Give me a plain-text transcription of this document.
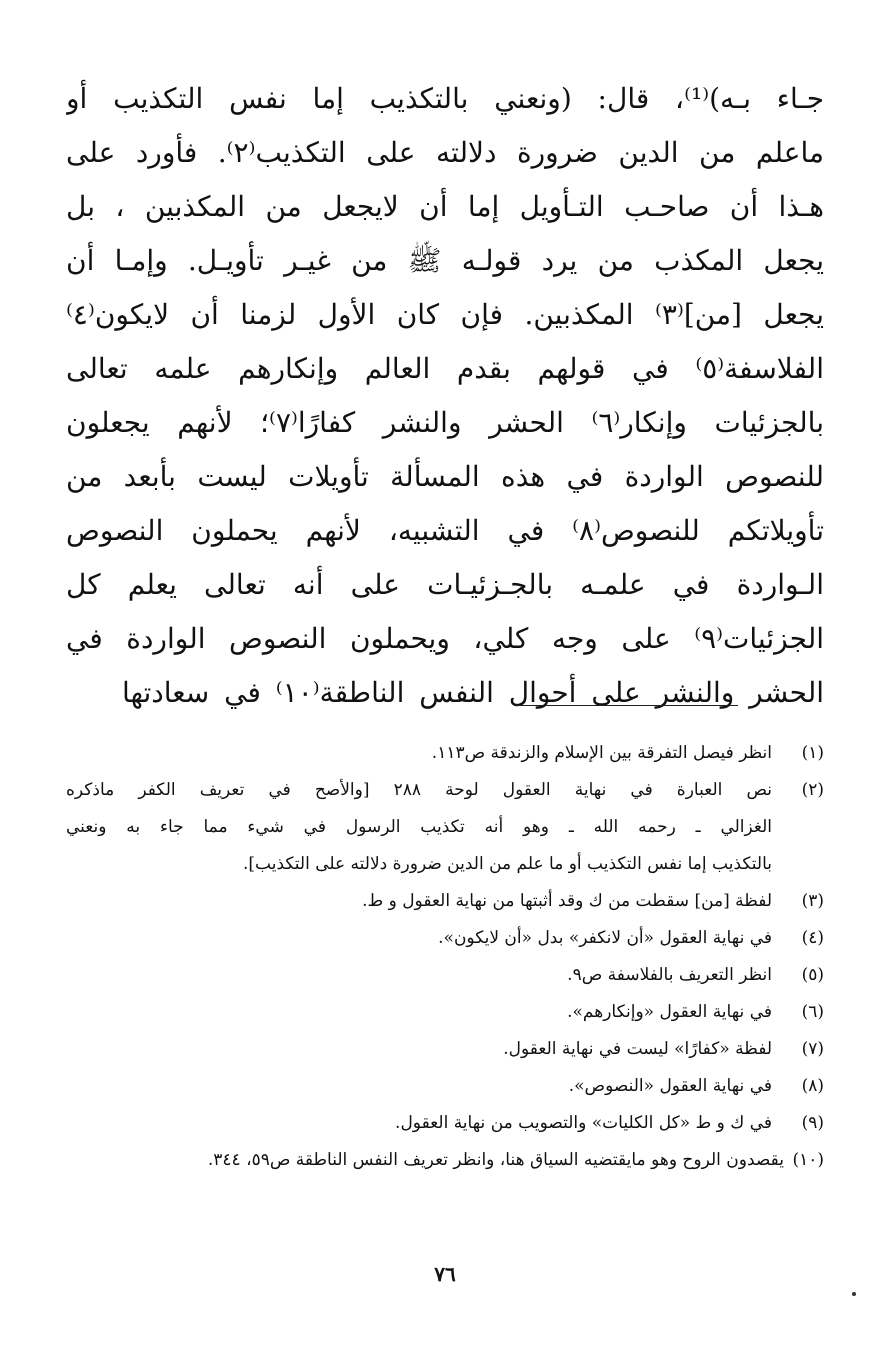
جـاء بـه)⁽¹⁾، قال: (ونعني بالتكذيب إما نفس التكذيب أو
ماعلم من الدين ضرورة دلالته على التكذيب⁽٢⁾. فأورد على
هـذا أن صاحـب التـأويل إما أن لايجعل من المكذبين ، بل
يجعل المكذب من يرد قولـه ﷺ من غيـر تأويـل. وإمـا أن
يجعل [من]⁽٣⁾ المكذبين. فإن كان الأول لزمنا أن لايكون⁽٤⁾
الفلاسفة⁽٥⁾ في قولهم بقدم العالم وإنكارهم علمه تعالى
بالجزئيات وإنكار⁽٦⁾ الحشر والنشر كفارًا⁽٧⁾؛ لأنهم يجعلون
للنصوص الواردة في هذه المسألة تأويلات ليست بأبعد من
تأويلاتكم للنصوص⁽٨⁾ في التشبيه، لأنهم يحملون النصوص
الـواردة في علمـه بالجـزئيـات على أنه تعالى يعلم كل
الجزئيات⁽٩⁾ على وجه كلي، ويحملون النصوص الواردة في
الحشر والنشر على أحوال النفس الناطقة⁽١٠⁾ في سعادتها
(١)
انظر فيصل التفرقة بين الإسلام والزندقة ص١١٣.
(٢)
نص العبارة في نهاية العقول لوحة ٢٨٨ [والأصح في تعريف الكفر ماذكره
الغزالي ـ رحمه الله ـ وهو أنه تكذيب الرسول في شيء مما جاء به ونعني
بالتكذيب إما نفس التكذيب أو ما علم من الدين ضرورة دلالته على التكذيب].
(٣)
لفظة [من] سقطت من ك وقد أثبتها من نهاية العقول و ط.
(٤)
في نهاية العقول «أن لانكفر» بدل «أن لايكون».
(٥)
انظر التعريف بالفلاسفة ص٩.
(٦)
في نهاية العقول «وإنكارهم».
(٧)
لفظة «كفارًا» ليست في نهاية العقول.
(٨)
في نهاية العقول «النصوص».
(٩)
في ك و ط «كل الكليات» والتصويب من نهاية العقول.
(١٠)
يقصدون الروح وهو مايقتضيه السياق هنا، وانظر تعريف النفس الناطقة ص٥٩، ٣٤٤.
٧٦
